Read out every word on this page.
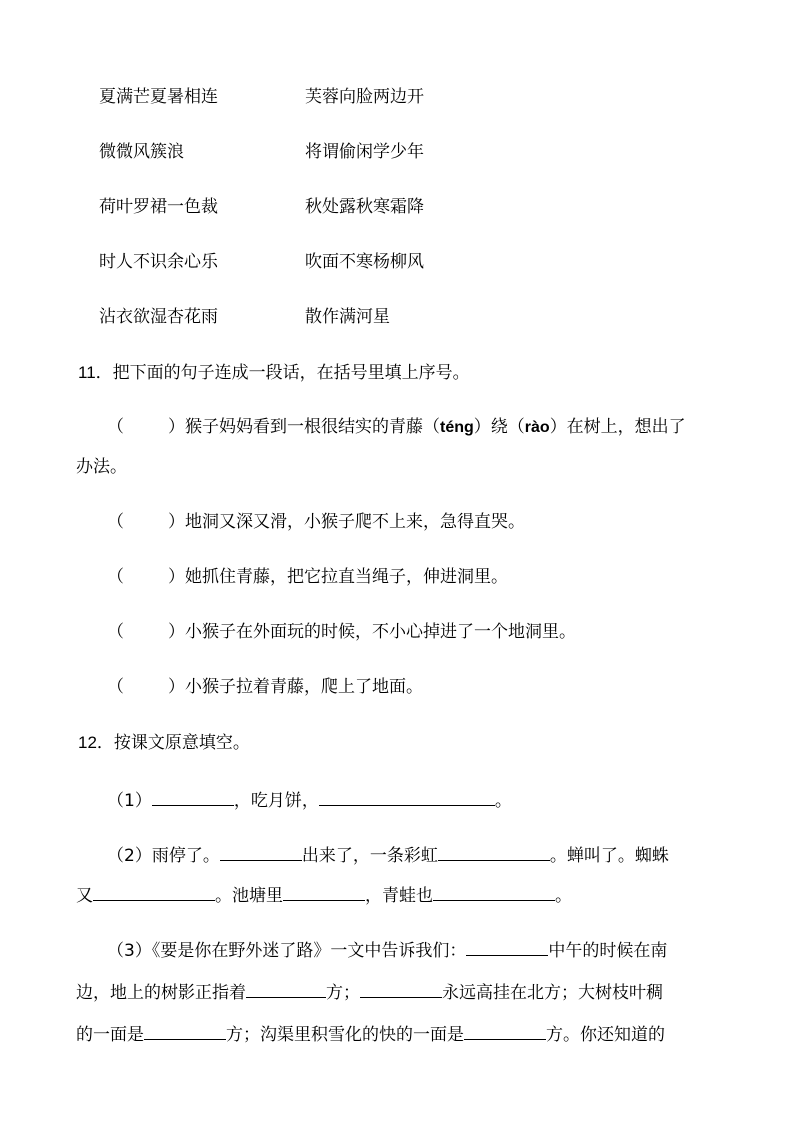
夏满芒夏暑相连	芙蓉向脸两边开
微微风簇浪	将谓偷闲学少年
荷叶罗裙一色裁	秋处露秋寒霜降
时人不识余心乐	吹面不寒杨柳风
沾衣欲湿杏花雨	散作满河星
11．把下面的句子连成一段话，在括号里填上序号。
（	）猴子妈妈看到一根很结实的青藤（téng）绕（rào）在树上，想出了
办法。
（	）地洞又深又滑，小猴子爬不上来，急得直哭。
（	）她抓住青藤，把它拉直当绳子，伸进洞里。
（	）小猴子在外面玩的时候，不小心掉进了一个地洞里。
（	）小猴子拉着青藤，爬上了地面。
12．按课文原意填空。
（1）	，吃月饼，	。
（2）雨停了。	出来了，一条彩虹	。蝉叫了。蜘蛛
又	。池塘里	，青蛙也	。
（3）《要是你在野外迷了路》一文中告诉我们：	中午的时候在南
边，地上的树影正指着	方；	永远高挂在北方；大树枝叶稠
的一面是	方；沟渠里积雪化的快的一面是	方。你还知道的
